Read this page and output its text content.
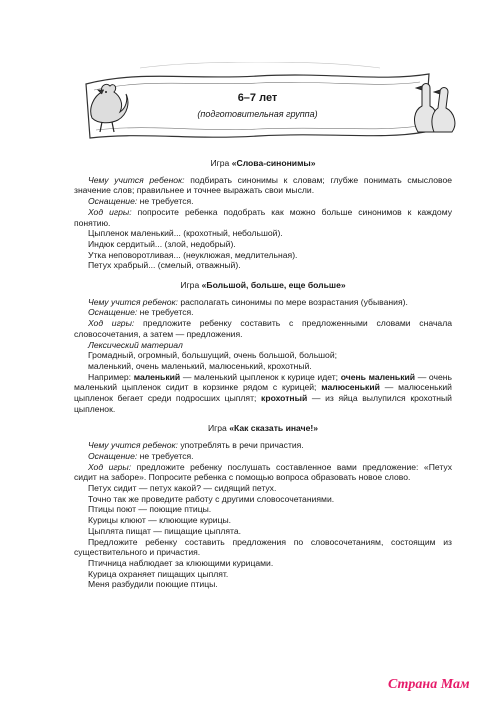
6–7 лет
(подготовительная группа)
Игра «Слова-синонимы»

Чему учится ребенок: подбирать синонимы к словам; глубже понимать смысловое значение слов; правильнее и точнее выражать свои мысли.

Оснащение: не требуется.

Ход игры: попросите ребенка подобрать как можно больше синонимов к каждому понятию.

Цыпленок маленький... (крохотный, небольшой).

Индюк сердитый... (злой, недобрый).

Утка неповоротливая... (неуклюжая, медлительная).

Петух храбрый... (смелый, отважный).

Игра «Большой, больше, еще больше»

Чему учится ребенок: располагать синонимы по мере возрастания (убывания).

Оснащение: не требуется.

Ход игры: предложите ребенку составить с предложенными словами сначала словосочетания, а затем — предложения.

Лексический материал

Громадный, огромный, большущий, очень большой, большой;

маленький, очень маленький, малюсенький, крохотный.

Например: маленький — маленький цыпленок к курице идет; очень маленький — очень маленький цыпленок сидит в корзинке рядом с курицей; малюсенький — малюсенький цыпленок бегает среди подросших цыплят; крохотный — из яйца вылупился крохотный цыпленок.

Игра «Как сказать иначе!»

Чему учится ребенок: употреблять в речи причастия.

Оснащение: не требуется.

Ход игры: предложите ребенку послушать составленное вами предложение: «Петух сидит на заборе». Попросите ребенка с помощью вопроса образовать новое слово.

Петух сидит — петух какой? — сидящий петух.

Точно так же проведите работу с другими словосочетаниями.

Птицы поют — поющие птицы.

Курицы клюют — клюющие курицы.

Цыплята пищат — пищащие цыплята.

Предложите ребенку составить предложения по словосочетаниям, состоящим из существительного и причастия.

Птичница наблюдает за клюющими курицами.

Курица охраняет пищащих цыплят.

Меня разбудили поющие птицы.

Страна Мам
